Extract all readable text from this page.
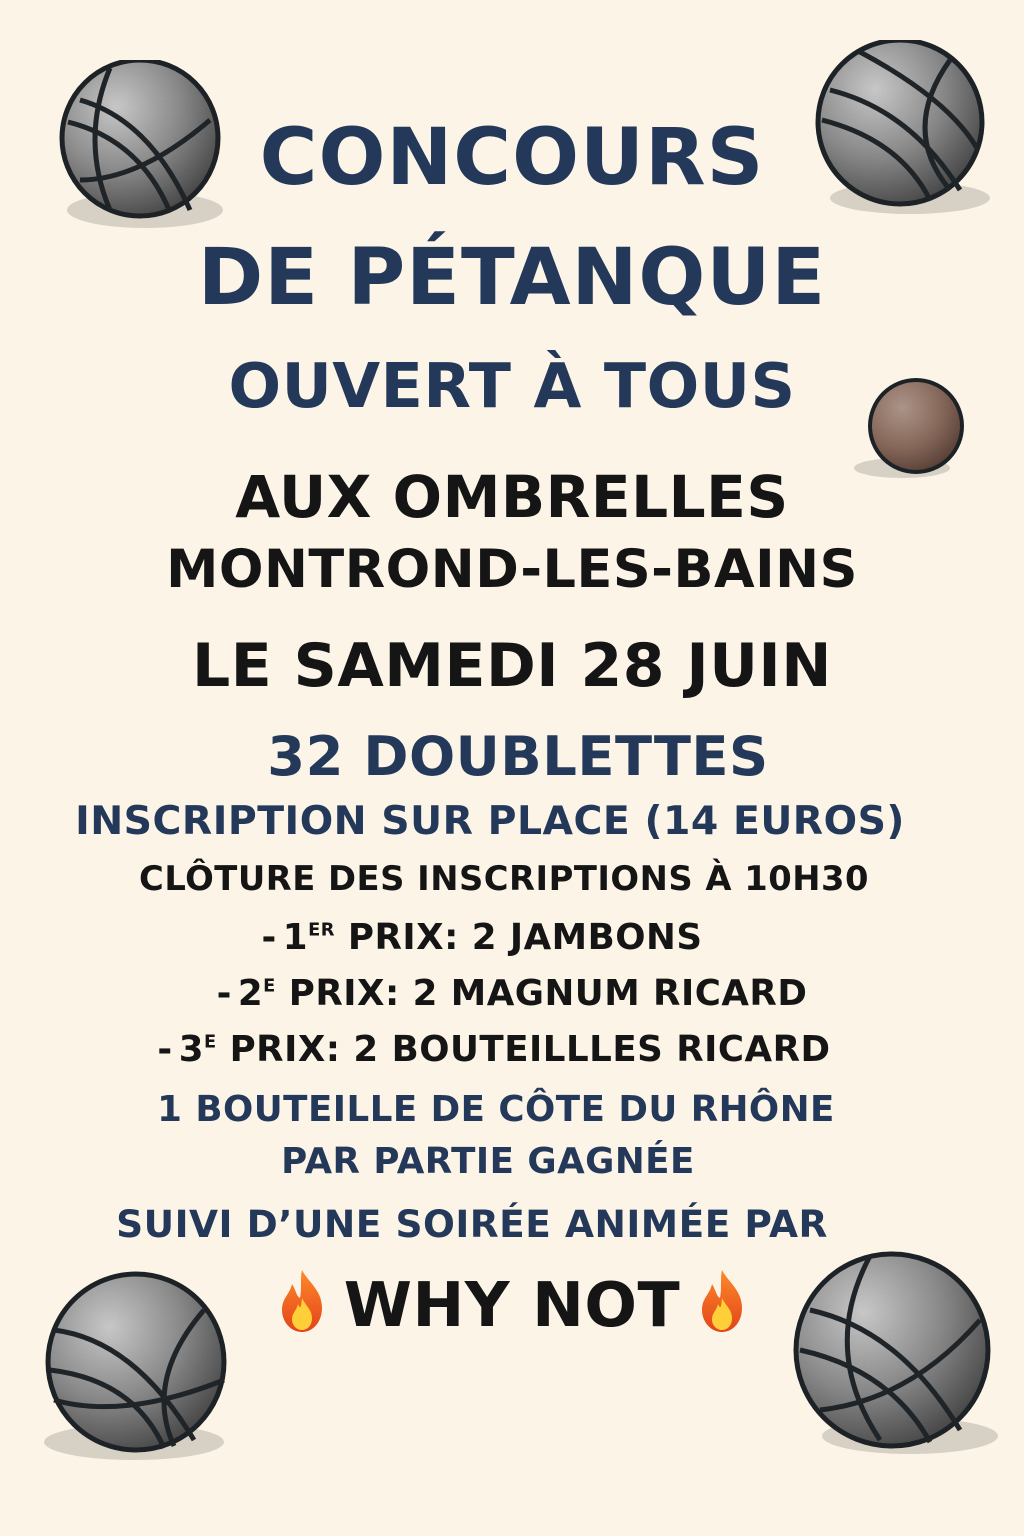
CONCOURS
DE PÉTANQUE
OUVERT À TOUS
AUX OMBRELLES
MONTROND-LES-BAINS
LE SAMEDI 28 JUIN
32 DOUBLETTES
INSCRIPTION SUR PLACE (14 EUROS)
CLÔTURE DES INSCRIPTIONS À 10H30
- 1ER PRIX: 2 JAMBONS
- $2^E$ PRIX: 2 MAGNUM RICARD
- $3^E$ PRIX: 2 BOUTEILLLES RICARD
1 BOUTEILLE DE CÔTE DU RHÔNE
PAR PARTIE GAGNÉE
SUIVI D’UNE SOIRÉE ANIMÉE PAR
WHY NOT
